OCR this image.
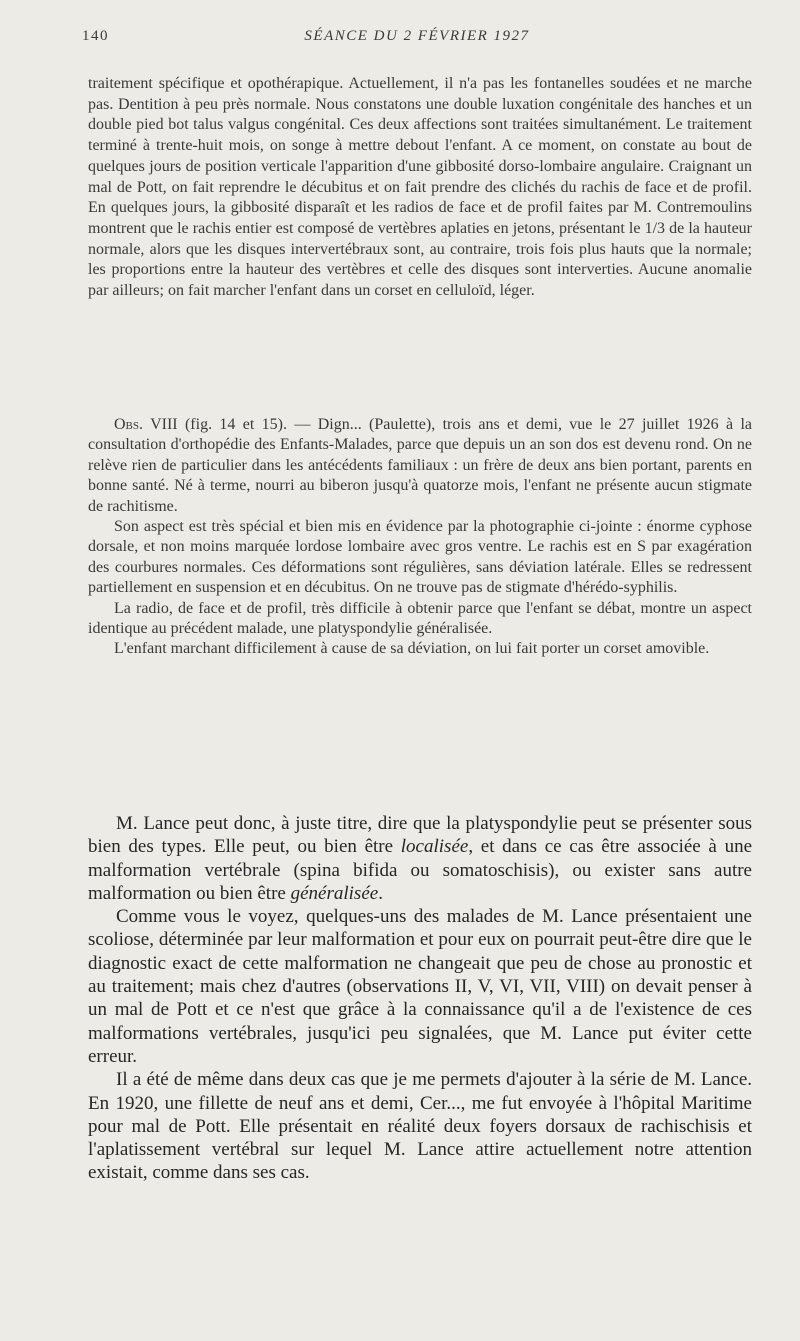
140	SÉANCE DU 2 FÉVRIER 1927

traitement spécifique et opothérapique. Actuellement, il n'a pas les fontanelles soudées et ne marche pas. Dentition à peu près normale. Nous constatons une double luxation congénitale des hanches et un double pied bot talus valgus congénital. Ces deux affections sont traitées simultanément. Le traitement terminé à trente-huit mois, on songe à mettre debout l'enfant. A ce moment, on constate au bout de quelques jours de position verticale l'apparition d'une gibbosité dorso-lombaire angulaire. Craignant un mal de Pott, on fait reprendre le décubitus et on fait prendre des clichés du rachis de face et de profil. En quelques jours, la gibbosité disparaît et les radios de face et de profil faites par M. Contremoulins montrent que le rachis entier est composé de vertèbres aplaties en jetons, présentant le 1/3 de la hauteur normale, alors que les disques intervertébraux sont, au contraire, trois fois plus hauts que la normale; les proportions entre la hauteur des vertèbres et celle des disques sont interverties. Aucune anomalie par ailleurs; on fait marcher l'enfant dans un corset en celluloïd, léger.

Obs. VIII (fig. 14 et 15). — Dign... (Paulette), trois ans et demi, vue le 27 juillet 1926 à la consultation d'orthopédie des Enfants-Malades, parce que depuis un an son dos est devenu rond. On ne relève rien de particulier dans les antécédents familiaux : un frère de deux ans bien portant, parents en bonne santé. Né à terme, nourri au biberon jusqu'à quatorze mois, l'enfant ne présente aucun stigmate de rachitisme.

Son aspect est très spécial et bien mis en évidence par la photographie ci-jointe : énorme cyphose dorsale, et non moins marquée lordose lombaire avec gros ventre. Le rachis est en S par exagération des courbures normales. Ces déformations sont régulières, sans déviation latérale. Elles se redressent partiellement en suspension et en décubitus. On ne trouve pas de stigmate d'hérédo-syphilis.

La radio, de face et de profil, très difficile à obtenir parce que l'enfant se débat, montre un aspect identique au précédent malade, une platyspondylie généralisée.

L'enfant marchant difficilement à cause de sa déviation, on lui fait porter un corset amovible.

M. Lance peut donc, à juste titre, dire que la platyspondylie peut se présenter sous bien des types. Elle peut, ou bien être localisée, et dans ce cas être associée à une malformation vertébrale (spina bifida ou somatoschisis), ou exister sans autre malformation ou bien être généralisée.

Comme vous le voyez, quelques-uns des malades de M. Lance présentaient une scoliose, déterminée par leur malformation et pour eux on pourrait peut-être dire que le diagnostic exact de cette malformation ne changeait que peu de chose au pronostic et au traitement; mais chez d'autres (observations II, V, VI, VII, VIII) on devait penser à un mal de Pott et ce n'est que grâce à la connaissance qu'il a de l'existence de ces malformations vertébrales, jusqu'ici peu signalées, que M. Lance put éviter cette erreur.

Il a été de même dans deux cas que je me permets d'ajouter à la série de M. Lance. En 1920, une fillette de neuf ans et demi, Cer..., me fut envoyée à l'hôpital Maritime pour mal de Pott. Elle présentait en réalité deux foyers dorsaux de rachischisis et l'aplatissement vertébral sur lequel M. Lance attire actuellement notre attention existait, comme dans ses cas.
